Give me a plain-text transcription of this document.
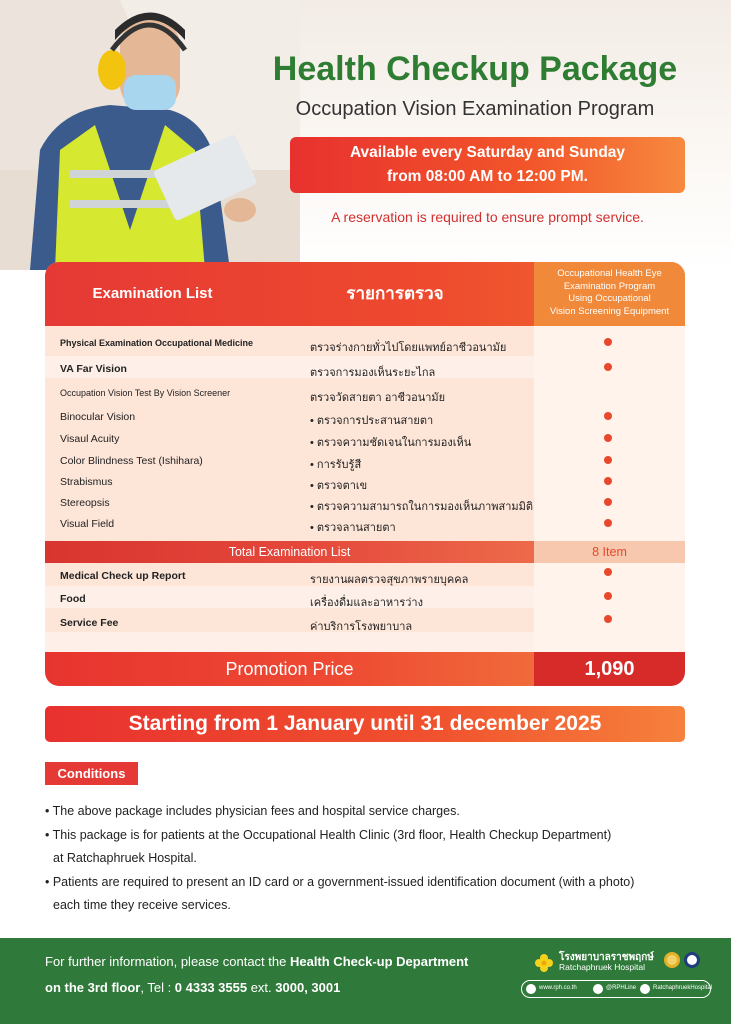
Health Checkup Package
Occupation Vision Examination Program
Available every Saturday and Sunday
from 08:00 AM to 12:00 PM.
A reservation is required to ensure prompt service.
Examination List	รายการตรวจ
Occupational Health Eye
Examination Program
Using Occupational
Vision Screening Equipment
Physical Examination Occupational Medicine	ตรวจร่างกายทั่วไปโดยแพทย์อาชีวอนามัย
VA Far Vision	ตรวจการมองเห็นระยะไกล
Occupation Vision Test By Vision Screener	ตรวจวัดสายตา อาชีวอนามัย
Binocular Vision	• ตรวจการประสานสายตา
Visaul Acuity	• ตรวจความชัดเจนในการมองเห็น
Color Blindness Test (Ishihara)	• การรับรู้สี
Strabismus	• ตรวจตาเข
Stereopsis	• ตรวจความสามารถในการมองเห็นภาพสามมิติ
Visual Field	• ตรวจลานสายตา
Total Examination List	8 Item
Medical Check up Report	รายงานผลตรวจสุขภาพรายบุคคล
Food	เครื่องดื่มและอาหารว่าง
Service Fee	ค่าบริการโรงพยาบาล
Promotion Price	1,090
Starting from 1 January until 31 december 2025
Conditions
• The above package includes physician fees and hospital service charges.
• This package is for patients at the Occupational Health Clinic (3rd floor, Health Checkup Department)
at Ratchaphruek Hospital.
• Patients are required to present an ID card or a government-issued identification document (with a photo)
each time they receive services.
For further information, please contact the Health Check-up Department
on the 3rd floor, Tel : 0 4333 3555 ext. 3000, 3001
โรงพยาบาลราชพฤกษ์
Ratchaphruek Hospital
www.rph.co.th	@RPHLine	RatchaphruekHospital
